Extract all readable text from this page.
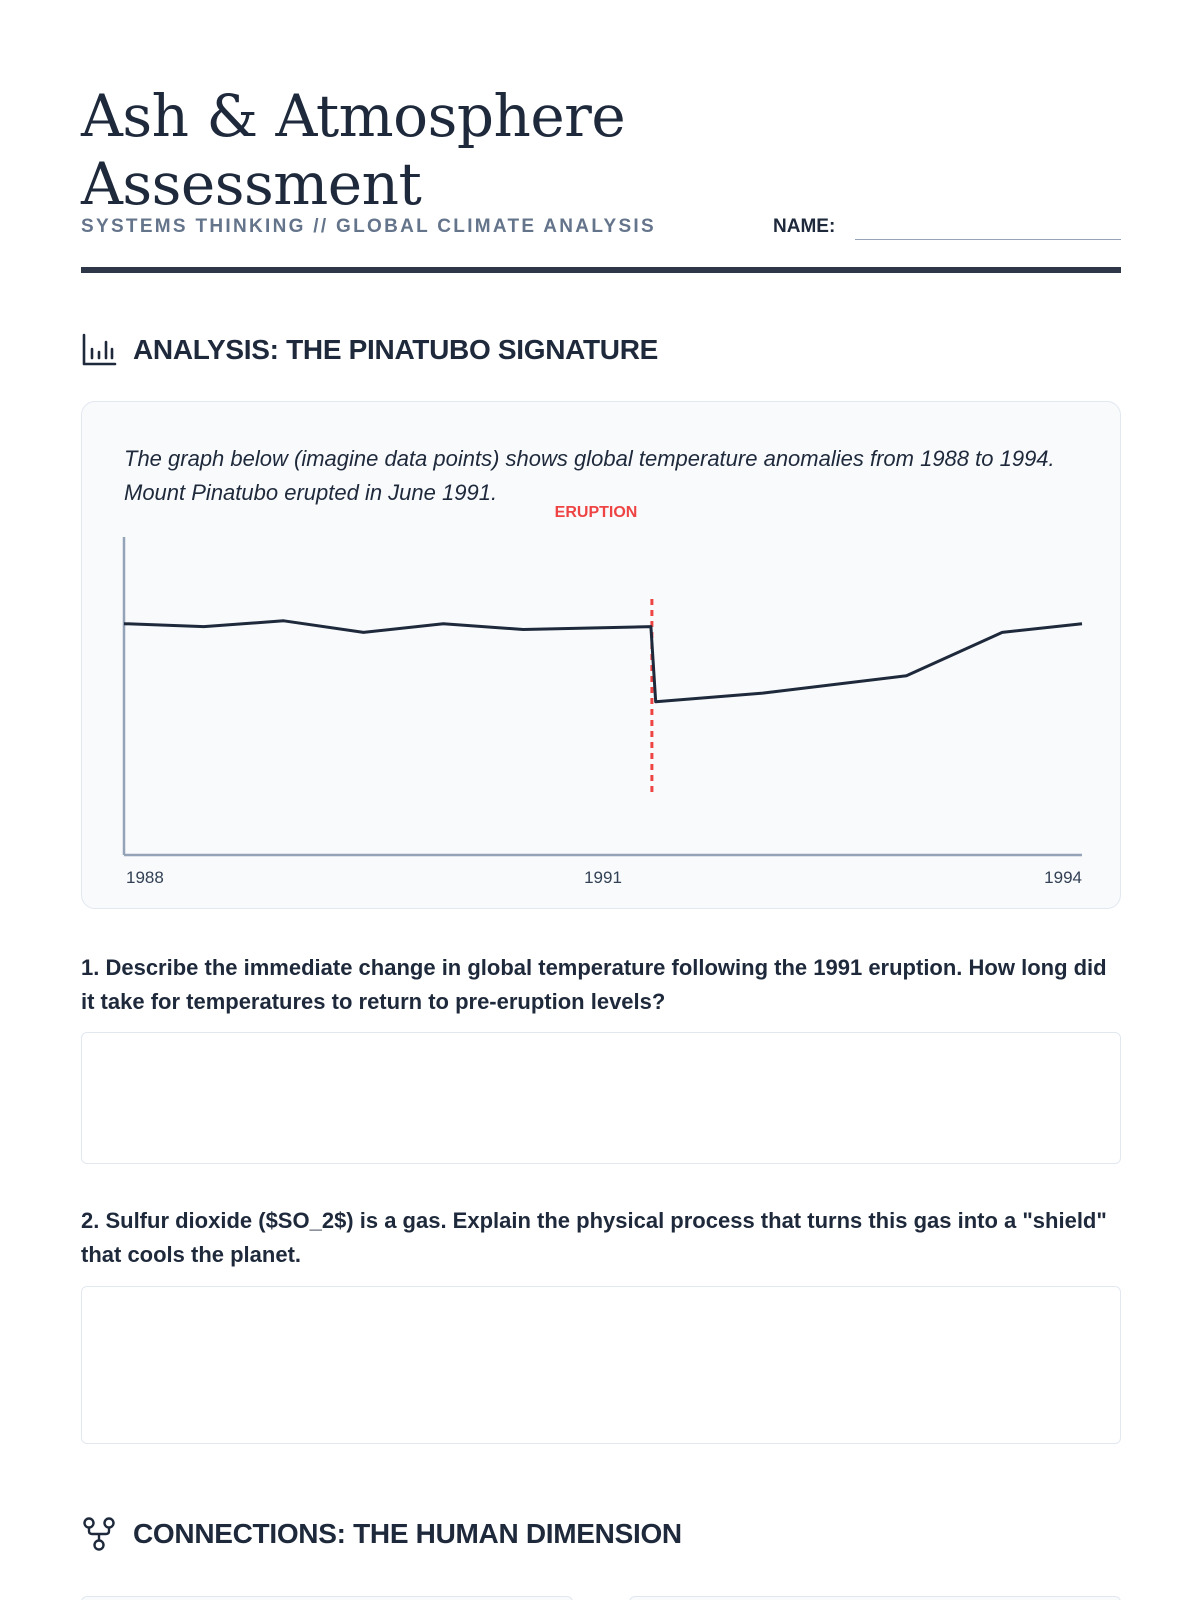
Ash & Atmosphere
Assessment
SYSTEMS THINKING // GLOBAL CLIMATE ANALYSIS	NAME:
ANALYSIS: THE PINATUBO SIGNATURE

The graph below (imagine data points) shows global temperature anomalies from 1988 to 1994. Mount Pinatubo erupted in June 1991.

ERUPTION
1988	1991	1994

1. Describe the immediate change in global temperature following the 1991 eruption. How long did it take for temperatures to return to pre-eruption levels?

2. Sulfur dioxide ($SO_2$) is a gas. Explain the physical process that turns this gas into a "shield" that cools the planet.

CONNECTIONS: THE HUMAN DIMENSION
